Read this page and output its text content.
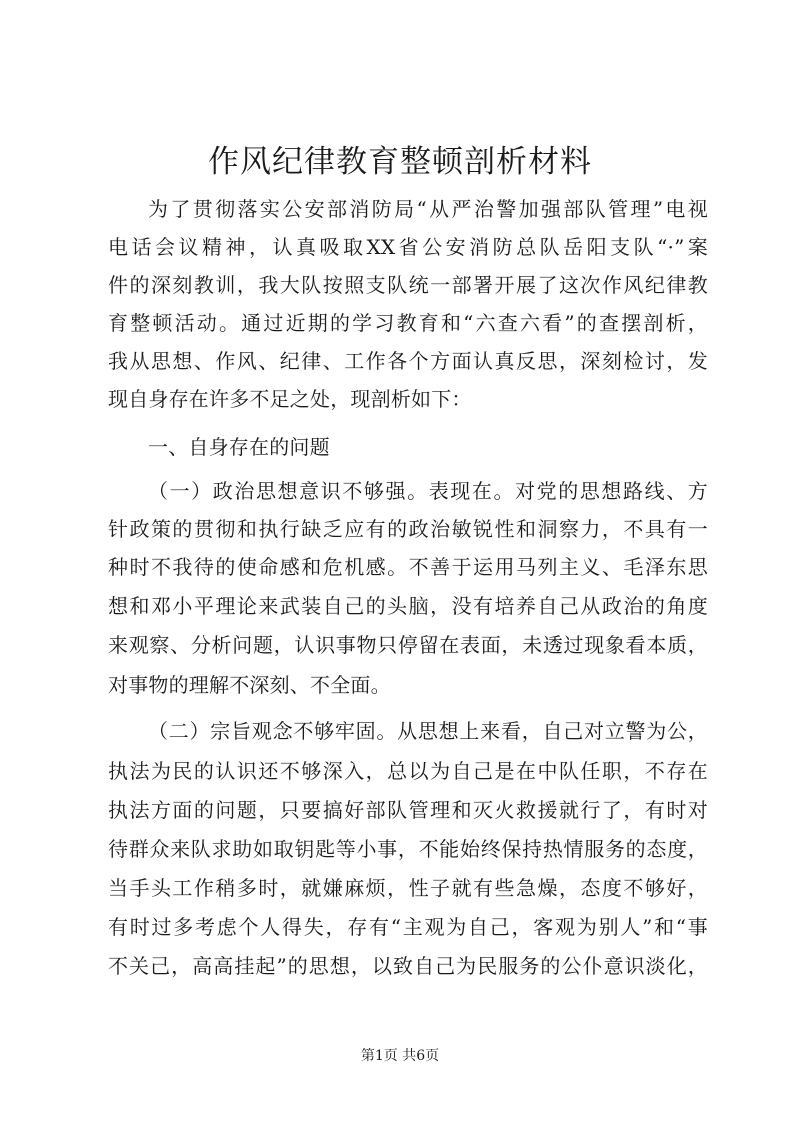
作风纪律教育整顿剖析材料
为了贯彻落实公安部消防局“从严治警加强部队管理”电视
电话会议精神，认真吸取XX省公安消防总队岳阳支队“·”案
件的深刻教训，我大队按照支队统一部署开展了这次作风纪律教
育整顿活动。通过近期的学习教育和“六查六看”的查摆剖析，
我从思想、作风、纪律、工作各个方面认真反思，深刻检讨，发
现自身存在许多不足之处，现剖析如下：
一、自身存在的问题
（一）政治思想意识不够强。表现在。对党的思想路线、方
针政策的贯彻和执行缺乏应有的政治敏锐性和洞察力，不具有一
种时不我待的使命感和危机感。不善于运用马列主义、毛泽东思
想和邓小平理论来武装自己的头脑，没有培养自己从政治的角度
来观察、分析问题，认识事物只停留在表面，未透过现象看本质，
对事物的理解不深刻、不全面。
（二）宗旨观念不够牢固。从思想上来看，自己对立警为公，
执法为民的认识还不够深入，总以为自己是在中队任职，不存在
执法方面的问题，只要搞好部队管理和灭火救援就行了，有时对
待群众来队求助如取钥匙等小事，不能始终保持热情服务的态度，
当手头工作稍多时，就嫌麻烦，性子就有些急燥，态度不够好，
有时过多考虑个人得失，存有“主观为自己，客观为别人”和“事
不关己，高高挂起”的思想，以致自己为民服务的公仆意识淡化，
第1页 共6页
